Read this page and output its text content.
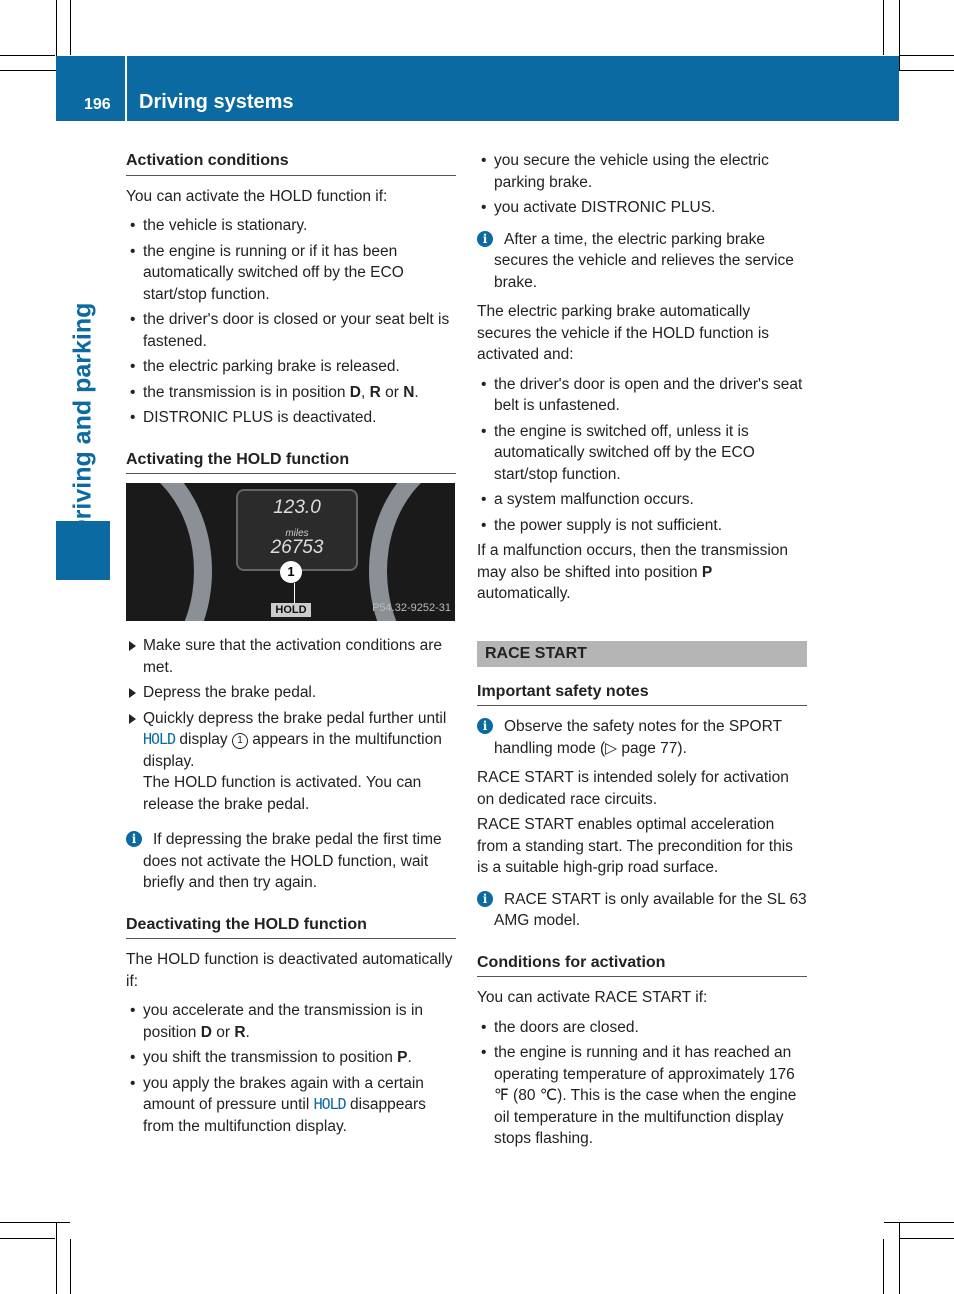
196 Driving systems
Driving and parking
Activation conditions

You can activate the HOLD function if:

• the vehicle is stationary.
• the engine is running or if it has been automatically switched off by the ECO start/stop function.
• the driver's door is closed or your seat belt is fastened.
• the electric parking brake is released.
• the transmission is in position D, R or N.
• DISTRONIC PLUS is deactivated.
Activating the HOLD function
123.0
miles
26753
1
HOLD	P54.32-9252-31
Make sure that the activation conditions are met.
Depress the brake pedal.
Quickly depress the brake pedal further until HOLD display 1 appears in the multifunction display.
The HOLD function is activated. You can release the brake pedal.
i	If depressing the brake pedal the first time does not activate the HOLD function, wait briefly and then try again.
Deactivating the HOLD function

The HOLD function is deactivated automatically if:

• you accelerate and the transmission is in position D or R.
• you shift the transmission to position P.
• you apply the brakes again with a certain amount of pressure until HOLD disappears from the multifunction display.
• you secure the vehicle using the electric parking brake.
• you activate DISTRONIC PLUS.
i	After a time, the electric parking brake secures the vehicle and relieves the service brake.

The electric parking brake automatically secures the vehicle if the HOLD function is activated and:

• the driver's door is open and the driver's seat belt is unfastened.
• the engine is switched off, unless it is automatically switched off by the ECO start/stop function.
• a system malfunction occurs.
• the power supply is not sufficient.

If a malfunction occurs, then the transmission may also be shifted into position P automatically.

RACE START
Important safety notes
i	Observe the safety notes for the SPORT handling mode (▷ page 77).

RACE START is intended solely for activation on dedicated race circuits.

RACE START enables optimal acceleration from a standing start. The precondition for this is a suitable high-grip road surface.

i	RACE START is only available for the SL 63 AMG model.
Conditions for activation

You can activate RACE START if:

• the doors are closed.
• the engine is running and it has reached an operating temperature of approximately 176 ℉ (80 ℃). This is the case when the engine oil temperature in the multifunction display stops flashing.
